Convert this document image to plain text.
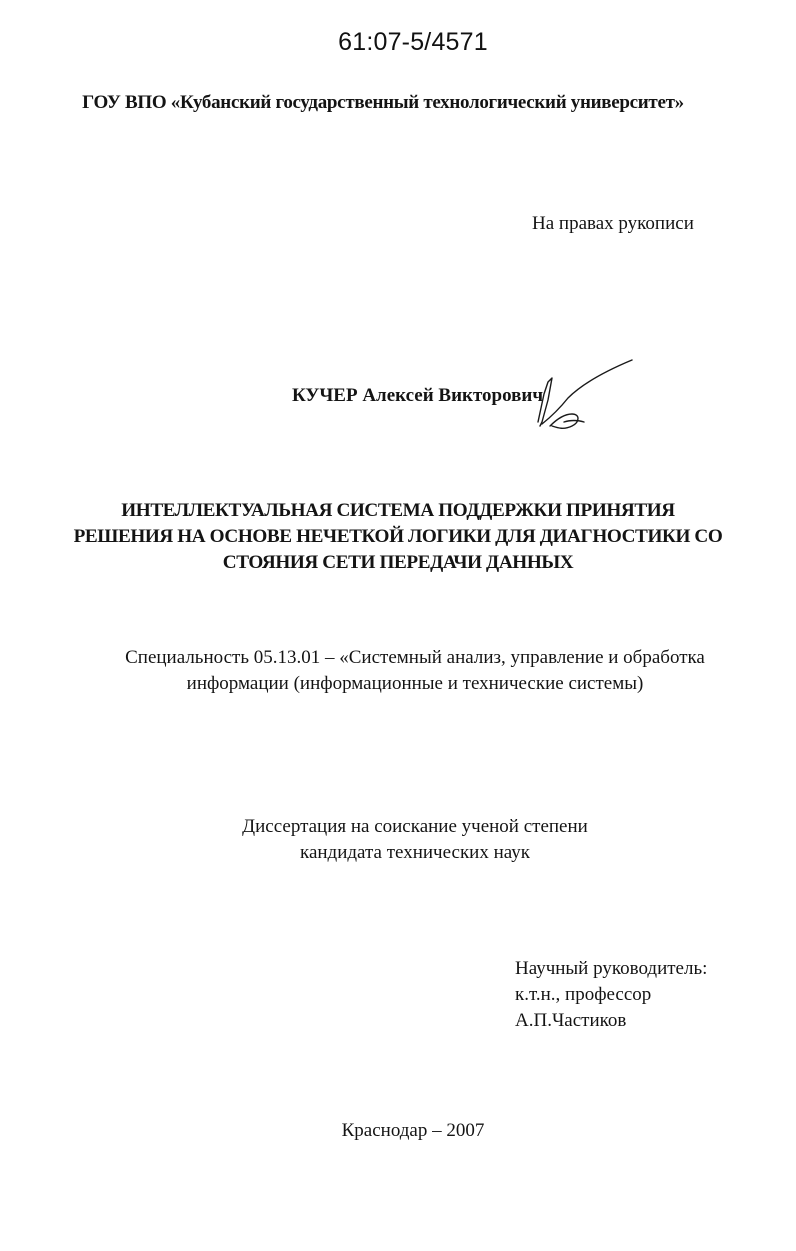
61:07-5/4571
ГОУ ВПО «Кубанский государственный технологический университет»
На правах рукописи
КУЧЕР Алексей Викторович
ИНТЕЛЛЕКТУАЛЬНАЯ СИСТЕМА ПОДДЕРЖКИ ПРИНЯТИЯ
РЕШЕНИЯ НА ОСНОВЕ НЕЧЕТКОЙ ЛОГИКИ ДЛЯ ДИАГНОСТИКИ СО
СТОЯНИЯ СЕТИ ПЕРЕДАЧИ ДАННЫХ
Специальность 05.13.01 – «Системный анализ, управление и обработка
информации (информационные и технические системы)
Диссертация на соискание ученой степени
кандидата технических наук
Научный руководитель:
к.т.н., профессор
А.П.Частиков
Краснодар – 2007
